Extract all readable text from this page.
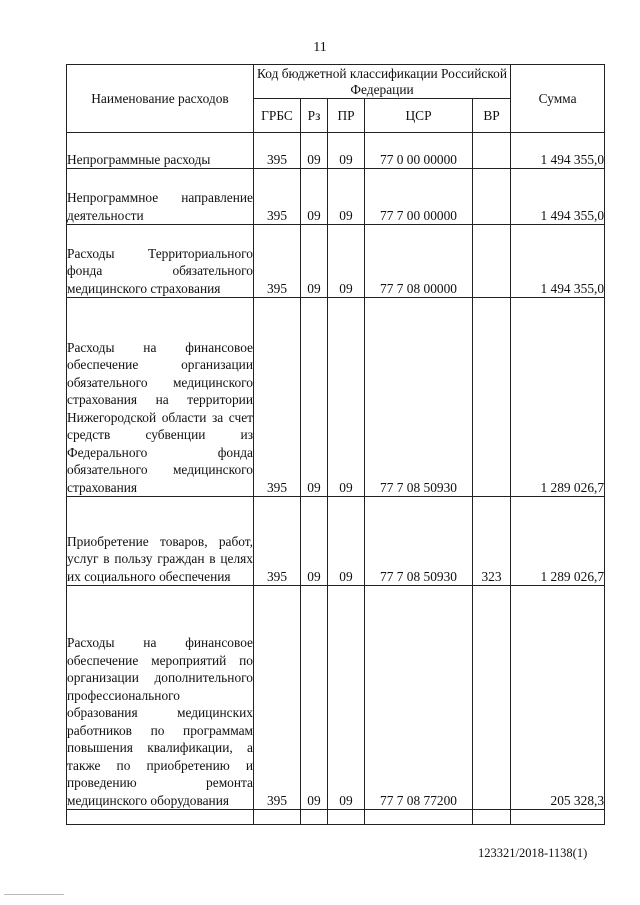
11
Наименование расходов	Код бюджетной классификации Российской Федерации					Сумма
	ГРБС	Рз	ПР	ЦСР	ВР	
Непрограммные расходы	395	09	09	77 0 00 00000		1 494 355,0
Непрограммное направление деятельности	395	09	09	77 7 00 00000		1 494 355,0
Расходы Территориального фонда обязательного медицинского страхования	395	09	09	77 7 08 00000		1 494 355,0
Расходы на финансовое обеспечение организации обязательного медицинского страхования на территории Нижегородской области за счет средств субвенции из Федерального фонда обязательного медицинского страхования	395	09	09	77 7 08 50930		1 289 026,7
Приобретение товаров, работ, услуг в пользу граждан в целях их социального обеспечения	395	09	09	77 7 08 50930	323	1 289 026,7
Расходы на финансовое обеспечение мероприятий по организации дополнительного профессионального образования медицинских работников по программам повышения квалификации, а также по приобретению и проведению ремонта медицинского оборудования	395	09	09	77 7 08 77200		205 328,3

123321/2018-1138(1)
